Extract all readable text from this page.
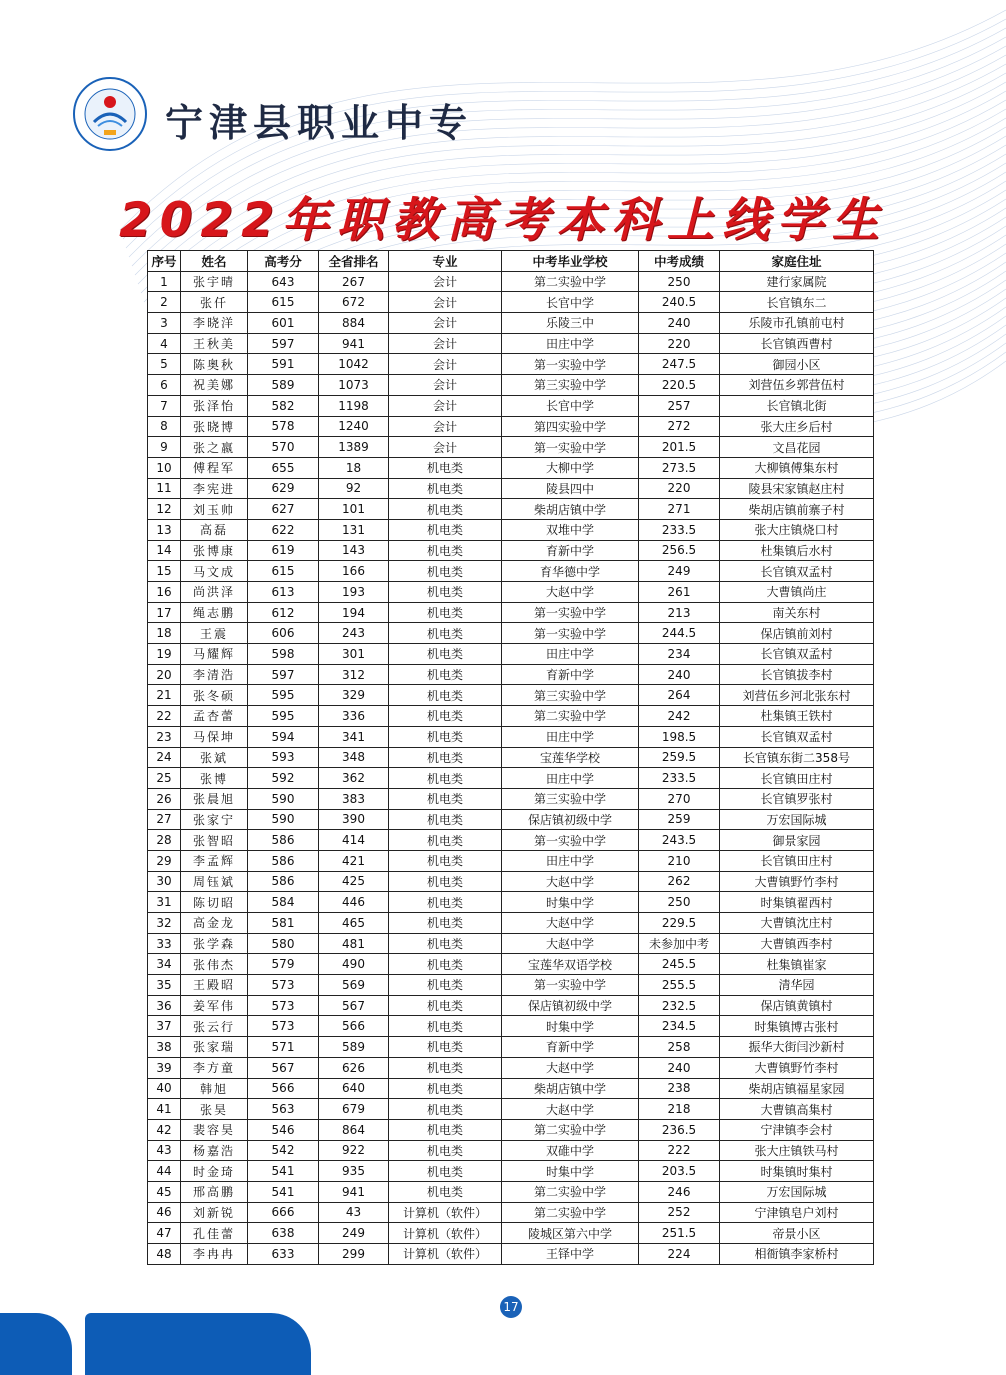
宁津县职业中专
2022年职教高考本科上线学生
序号	姓名	高考分	全省排名	专业	中考毕业学校	中考成绩	家庭住址
1	张宇晴	643	267	会计	第二实验中学	250	建行家属院
2	张仟	615	672	会计	长官中学	240.5	长官镇东二
3	李晓洋	601	884	会计	乐陵三中	240	乐陵市孔镇前屯村
4	王秋美	597	941	会计	田庄中学	220	长官镇西曹村
5	陈奥秋	591	1042	会计	第一实验中学	247.5	御园小区
6	祝美娜	589	1073	会计	第三实验中学	220.5	刘营伍乡郭营伍村
7	张泽怡	582	1198	会计	长官中学	257	长官镇北街
8	张晓博	578	1240	会计	第四实验中学	272	张大庄乡后村
9	张之嬴	570	1389	会计	第一实验中学	201.5	文昌花园
10	傅程军	655	18	机电类	大柳中学	273.5	大柳镇傅集东村
11	李宪进	629	92	机电类	陵县四中	220	陵县宋家镇赵庄村
12	刘玉帅	627	101	机电类	柴胡店镇中学	271	柴胡店镇前寨子村
13	高磊	622	131	机电类	双堆中学	233.5	张大庄镇烧口村
14	张博康	619	143	机电类	育新中学	256.5	杜集镇后水村
15	马文成	615	166	机电类	育华德中学	249	长官镇双孟村
16	尚洪泽	613	193	机电类	大赵中学	261	大曹镇尚庄
17	绳志鹏	612	194	机电类	第一实验中学	213	南关东村
18	王震	606	243	机电类	第一实验中学	244.5	保店镇前刘村
19	马耀辉	598	301	机电类	田庄中学	234	长官镇双孟村
20	李清浩	597	312	机电类	育新中学	240	长官镇拔李村
21	张冬硕	595	329	机电类	第三实验中学	264	刘营伍乡河北张东村
22	孟杏蕾	595	336	机电类	第二实验中学	242	杜集镇王铁村
23	马保坤	594	341	机电类	田庄中学	198.5	长官镇双孟村
24	张斌	593	348	机电类	宝莲华学校	259.5	长官镇东街二358号
25	张博	592	362	机电类	田庄中学	233.5	长官镇田庄村
26	张晨旭	590	383	机电类	第三实验中学	270	长官镇罗张村
27	张家宁	590	390	机电类	保店镇初级中学	259	万宏国际城
28	张智昭	586	414	机电类	第一实验中学	243.5	御景家园
29	李孟辉	586	421	机电类	田庄中学	210	长官镇田庄村
30	周钰斌	586	425	机电类	大赵中学	262	大曹镇野竹李村
31	陈切昭	584	446	机电类	时集中学	250	时集镇翟西村
32	高金龙	581	465	机电类	大赵中学	229.5	大曹镇沈庄村
33	张学森	580	481	机电类	大赵中学	未参加中考	大曹镇西李村
34	张伟杰	579	490	机电类	宝莲华双语学校	245.5	杜集镇崔家
35	王殿昭	573	569	机电类	第一实验中学	255.5	清华园
36	姜军伟	573	567	机电类	保店镇初级中学	232.5	保店镇黄镇村
37	张云行	573	566	机电类	时集中学	234.5	时集镇博古张村
38	张家瑞	571	589	机电类	育新中学	258	振华大街闫沙新村
39	李方童	567	626	机电类	大赵中学	240	大曹镇野竹李村
40	韩旭	566	640	机电类	柴胡店镇中学	238	柴胡店镇福星家园
41	张昊	563	679	机电类	大赵中学	218	大曹镇高集村
42	裴容昊	546	864	机电类	第二实验中学	236.5	宁津镇李会村
43	杨嘉浩	542	922	机电类	双碓中学	222	张大庄镇铁马村
44	时金琦	541	935	机电类	时集中学	203.5	时集镇时集村
45	邢高鹏	541	941	机电类	第二实验中学	246	万宏国际城
46	刘新锐	666	43	计算机（软件）	第二实验中学	252	宁津镇皂户刘村
47	孔佳蕾	638	249	计算机（软件）	陵城区第六中学	251.5	帝景小区
48	李冉冉	633	299	计算机（软件）	王铎中学	224	相衙镇李家桥村
17
